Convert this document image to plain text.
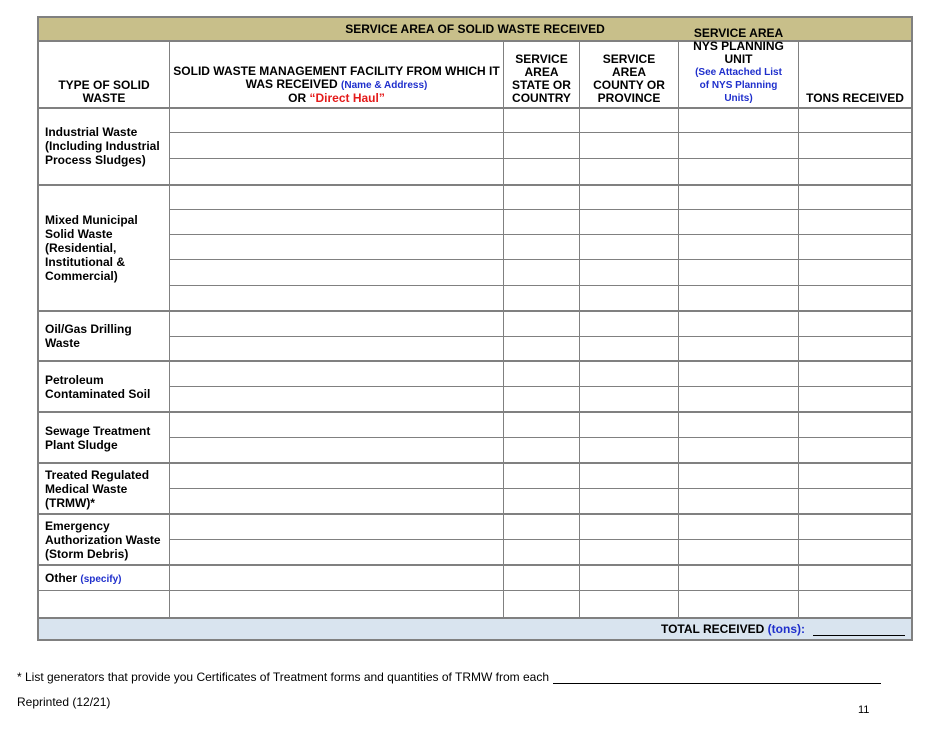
SERVICE AREA OF SOLID WASTE RECEIVED
TYPE OF SOLID WASTE
SOLID WASTE MANAGEMENT FACILITY FROM WHICH IT WAS RECEIVED (Name & Address)
OR “Direct Haul”
SERVICE AREA STATE OR COUNTRY
SERVICE AREA COUNTY OR PROVINCE
SERVICE AREA NYS PLANNING UNIT
(See Attached List of NYS Planning Units)	TONS RECEIVED
Industrial Waste (Including Industrial Process Sludges)
Mixed Municipal Solid Waste (Residential, Institutional & Commercial)
Oil/Gas Drilling Waste
Petroleum Contaminated Soil
Sewage Treatment Plant Sludge
Treated Regulated Medical Waste (TRMW)*
Emergency Authorization Waste (Storm Debris)
Other (specify)
TOTAL RECEIVED
(tons):
* List generators that provide you Certificates of Treatment forms and quantities of TRMW from each
Reprinted (12/21)
11
